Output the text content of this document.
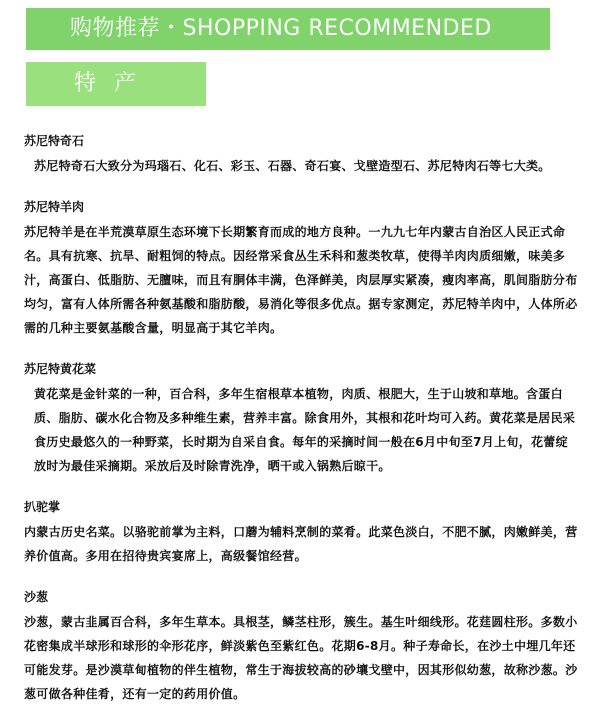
购物推荐・SHOPPING RECOMMENDED
特产
苏尼特奇石
苏尼特奇石大致分为玛瑙石、化石、彩玉、石器、奇石宴、戈壁造型石、苏尼特肉石等七大类。
苏尼特羊肉
苏尼特羊是在半荒漠草原生态环境下长期繁育而成的地方良种。一九九七年内蒙古自治区人民正式命名。具有抗寒、抗旱、耐粗饲的特点。因经常采食丛生禾科和葱类牧草，使得羊肉肉质细嫩，味美多汁，高蛋白、低脂肪、无膻味，而且有胴体丰满，色泽鲜美，肉层厚实紧凑，瘦肉率高，肌间脂肪分布均匀，富有人体所需各种氨基酸和脂肪酸，易消化等很多优点。据专家测定，苏尼特羊肉中，人体所必需的几种主要氨基酸含量，明显高于其它羊肉。
苏尼特黄花菜
黄花菜是金针菜的一种，百合科，多年生宿根草本植物，肉质、根肥大，生于山坡和草地。含蛋白质、脂肪、碳水化合物及多种维生素，营养丰富。除食用外，其根和花叶均可入药。黄花菜是居民采食历史最悠久的一种野菜，长时期为自采自食。每年的采摘时间一般在6月中旬至7月上旬，花蕾绽放时为最佳采摘期。采放后及时除青洗净，晒干或入锅熟后晾干。
扒驼掌
内蒙古历史名菜。以骆驼前掌为主料，口蘑为辅料烹制的菜肴。此菜色淡白，不肥不腻，肉嫩鲜美，营养价值高。多用在招待贵宾宴席上，高级餐馆经营。
沙葱
沙葱，蒙古韭属百合科，多年生草本。具根茎，鳞茎柱形，簇生。基生叶细线形。花莛圆柱形。多数小花密集成半球形和球形的伞形花序，鲜淡紫色至紫红色。花期6-8月。种子寿命长，在沙土中埋几年还可能发芽。是沙漠草甸植物的伴生植物，常生于海拔较高的砂壤戈壁中，因其形似幼葱，故称沙葱。沙葱可做各种佳肴，还有一定的药用价值。
